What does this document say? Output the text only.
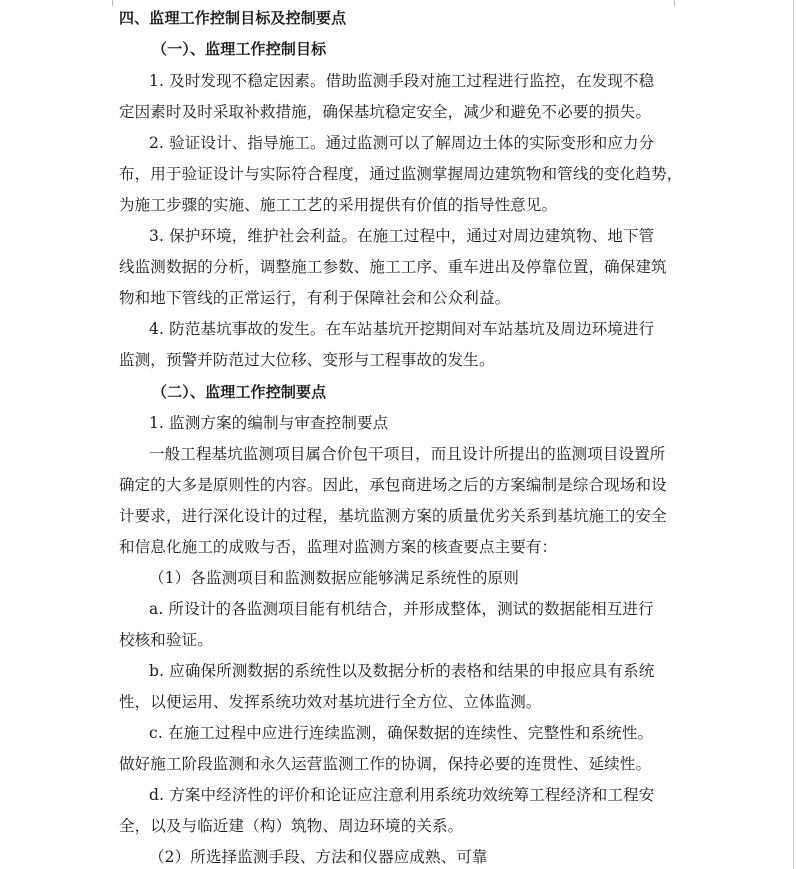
四、监理工作控制目标及控制要点
（一）、监理工作控制目标
1. 及时发现不稳定因素。借助监测手段对施工过程进行监控，在发现不稳
定因素时及时采取补救措施，确保基坑稳定安全，减少和避免不必要的损失。
2. 验证设计、指导施工。通过监测可以了解周边土体的实际变形和应力分
布，用于验证设计与实际符合程度，通过监测掌握周边建筑物和管线的变化趋势，
为施工步骤的实施、施工工艺的采用提供有价值的指导性意见。
3. 保护环境，维护社会利益。在施工过程中，通过对周边建筑物、地下管
线监测数据的分析，调整施工参数、施工工序、重车进出及停靠位置，确保建筑
物和地下管线的正常运行，有利于保障社会和公众利益。
4. 防范基坑事故的发生。在车站基坑开挖期间对车站基坑及周边环境进行
监测，预警并防范过大位移、变形与工程事故的发生。
（二）、监理工作控制要点
1. 监测方案的编制与审查控制要点
一般工程基坑监测项目属合价包干项目，而且设计所提出的监测项目设置所
确定的大多是原则性的内容。因此，承包商进场之后的方案编制是综合现场和设
计要求，进行深化设计的过程，基坑监测方案的质量优劣关系到基坑施工的安全
和信息化施工的成败与否，监理对监测方案的核查要点主要有：
（1）各监测项目和监测数据应能够满足系统性的原则
a. 所设计的各监测项目能有机结合，并形成整体，测试的数据能相互进行
校核和验证。
b. 应确保所测数据的系统性以及数据分析的表格和结果的申报应具有系统
性，以便运用、发挥系统功效对基坑进行全方位、立体监测。
c. 在施工过程中应进行连续监测，确保数据的连续性、完整性和系统性。
做好施工阶段监测和永久运营监测工作的协调，保持必要的连贯性、延续性。
d. 方案中经济性的评价和论证应注意利用系统功效统筹工程经济和工程安
全，以及与临近建（构）筑物、周边环境的关系。
（2）所选择监测手段、方法和仪器应成熟、可靠
